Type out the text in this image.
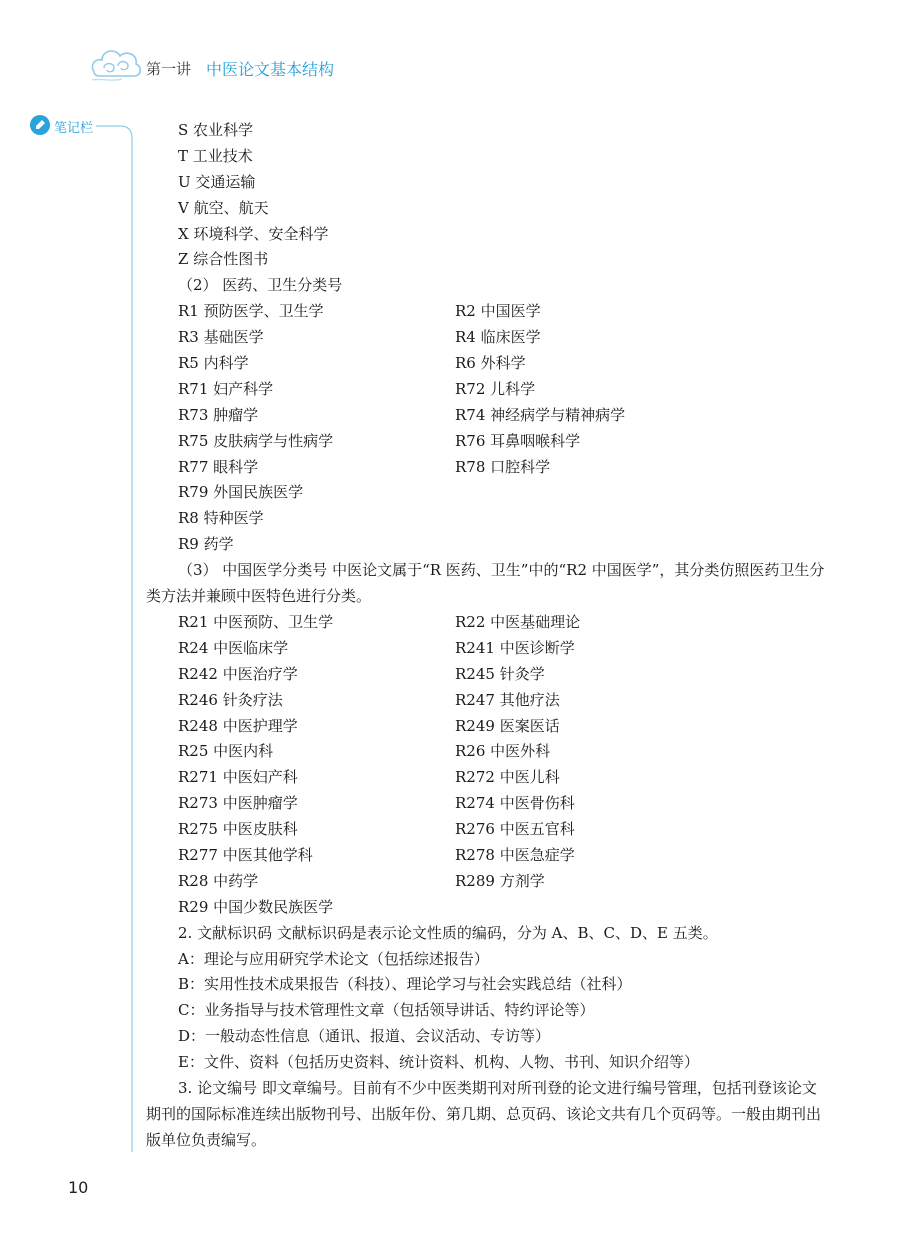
第一讲 中医论文基本结构
笔记栏	S 农业科学
T 工业技术
U 交通运输
V 航空、航天
X 环境科学、安全科学
Z 综合性图书
（2） 医药、卫生分类号
R1 预防医学、卫生学	R2 中国医学
R3 基础医学	R4 临床医学
R5 内科学	R6 外科学
R71 妇产科学	R72 儿科学
R73 肿瘤学	R74 神经病学与精神病学
R75 皮肤病学与性病学	R76 耳鼻咽喉科学
R77 眼科学	R78 口腔科学
R79 外国民族医学
R8 特种医学
R9 药学

（3） 中国医学分类号 中医论文属于“R 医药、卫生”中的“R2 中国医学”，其分类仿照医药卫生分类方法并兼顾中医特色进行分类。

R21 中医预防、卫生学	R22 中医基础理论
R24 中医临床学	R241 中医诊断学
R242 中医治疗学	R245 针灸学
R246 针灸疗法	R247 其他疗法
R248 中医护理学	R249 医案医话
R25 中医内科	R26 中医外科
R271 中医妇产科	R272 中医儿科
R273 中医肿瘤学	R274 中医骨伤科
R275 中医皮肤科	R276 中医五官科
R277 中医其他学科	R278 中医急症学
R28 中药学	R289 方剂学
R29 中国少数民族医学
2. 文献标识码 文献标识码是表示论文性质的编码，分为 A、B、C、D、E 五类。
A：理论与应用研究学术论文（包括综述报告）
B：实用性技术成果报告（科技）、理论学习与社会实践总结（社科）
C：业务指导与技术管理性文章（包括领导讲话、特约评论等）
D：一般动态性信息（通讯、报道、会议活动、专访等）
E：文件、资料（包括历史资料、统计资料、机构、人物、书刊、知识介绍等）

3. 论文编号 即文章编号。目前有不少中医类期刊对所刊登的论文进行编号管理，包括刊登该论文期刊的国际标准连续出版物刊号、出版年份、第几期、总页码、该论文共有几个页码等。一般由期刊出版单位负责编写。

10
